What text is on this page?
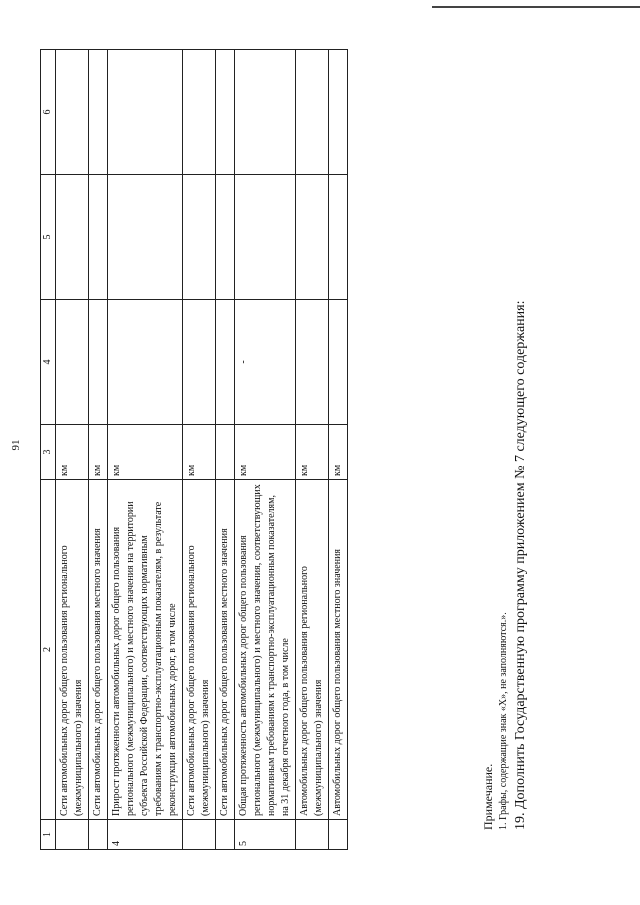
91
1	2	3	4	5	6
	Сети автомобильных дорог общего пользования регионального (межмуниципального) значения	км			
	Сети автомобильных дорог общего пользования местного значения	км			
4	Прирост протяженности автомобильных дорог общего пользования регионального (межмуниципального) и местного значения на территории субъекта Российской Федерации, соответствующих нормативным требованиям к транспортно-эксплуатационным показателям, в результате реконструкции автомобильных дорог, в том числе	км			
	Сети автомобильных дорог общего пользования регионального (межмуниципального) значения	км			
	Сети автомобильных дорог общего пользования местного значения				
5	Общая протяженность автомобильных дорог общего пользования регионального (межмуниципального) и местного значения, соответствующих нормативным требованиям к транспортно-эксплуатационным показателям, на 31 декабря отчетного года, в том числе	км	-		
	Автомобильных дорог общего пользования регионального (межмуниципального) значения	км			
	Автомобильных дорог общего пользования местного значения	км			
Примечание. 1. Графы, содержащие знак «Х», не заполняются.». 19. Дополнить Государственную программу приложением № 7 следующего содержания:
